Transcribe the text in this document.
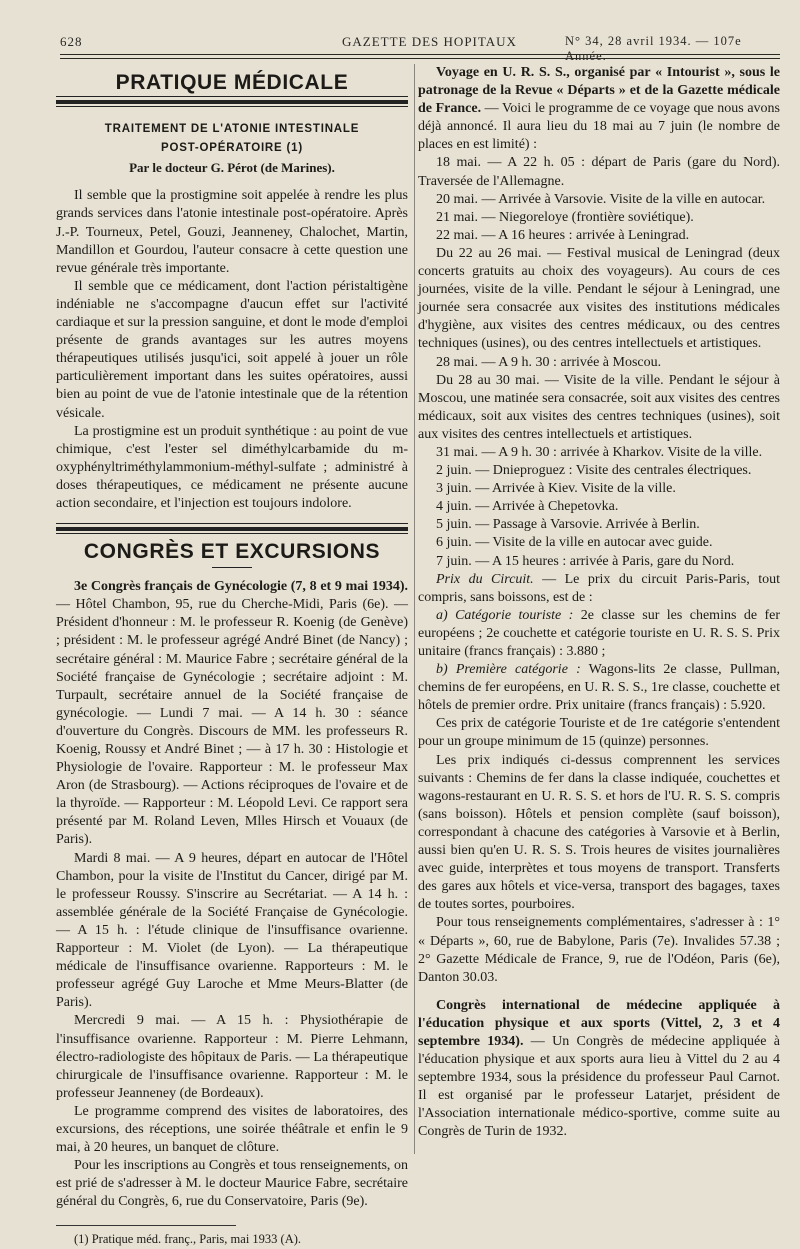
628	GAZETTE DES HOPITAUX	N° 34, 28 avril 1934. — 107e Année.
PRATIQUE MÉDICALE
TRAITEMENT DE L'ATONIE INTESTINALE
POST-OPÉRATOIRE (1)
Par le docteur G. Pérot (de Marines).

Il semble que la prostigmine soit appelée à rendre les plus grands services dans l'atonie intestinale post-opératoire. Après J.-P. Tourneux, Petel, Gouzi, Jeanneney, Chalochet, Martin, Mandillon et Gourdou, l'auteur consacre à cette question une revue générale très importante.

Il semble que ce médicament, dont l'action péristaltigène indéniable ne s'accompagne d'aucun effet sur l'activité cardiaque et sur la pression sanguine, et dont le mode d'emploi présente de grands avantages sur les autres moyens thérapeutiques utilisés jusqu'ici, soit appelé à jouer un rôle particulièrement important dans les suites opératoires, aussi bien au point de vue de l'atonie intestinale que de la rétention vésicale.

La prostigmine est un produit synthétique : au point de vue chimique, c'est l'ester sel diméthylcarbamide du m-oxyphényltriméthylammonium-méthyl-sulfate ; administré à doses thérapeutiques, ce médicament ne présente aucune action secondaire, et l'injection est toujours indolore.

CONGRÈS ET EXCURSIONS

3e Congrès français de Gynécologie (7, 8 et 9 mai 1934). — Hôtel Chambon, 95, rue du Cherche-Midi, Paris (6e). — Président d'honneur : M. le professeur R. Koenig (de Genève) ; président : M. le professeur agrégé André Binet (de Nancy) ; secrétaire général : M. Maurice Fabre ; secrétaire général de la Société française de Gynécologie ; secrétaire adjoint : M. Turpault, secrétaire annuel de la Société française de gynécologie. — Lundi 7 mai. — A 14 h. 30 : séance d'ouverture du Congrès. Discours de MM. les professeurs R. Koenig, Roussy et André Binet ; — à 17 h. 30 : Histologie et Physiologie de l'ovaire. Rapporteur : M. le professeur Max Aron (de Strasbourg). — Actions réciproques de l'ovaire et de la thyroïde. — Rapporteur : M. Léopold Levi. Ce rapport sera présenté par M. Roland Leven, Mlles Hirsch et Vouaux (de Paris).

Mardi 8 mai. — A 9 heures, départ en autocar de l'Hôtel Chambon, pour la visite de l'Institut du Cancer, dirigé par M. le professeur Roussy. S'inscrire au Secrétariat. — A 14 h. : assemblée générale de la Société Française de Gynécologie. — A 15 h. : l'étude clinique de l'insuffisance ovarienne. Rapporteur : M. Violet (de Lyon). — La thérapeutique médicale de l'insuffisance ovarienne. Rapporteurs : M. le professeur agrégé Guy Laroche et Mme Meurs-Blatter (de Paris).

Mercredi 9 mai. — A 15 h. : Physiothérapie de l'insuffisance ovarienne. Rapporteur : M. Pierre Lehmann, électro-radiologiste des hôpitaux de Paris. — La thérapeutique chirurgicale de l'insuffisance ovarienne. Rapporteur : M. le professeur Jeanneney (de Bordeaux).

Le programme comprend des visites de laboratoires, des excursions, des réceptions, une soirée théâtrale et enfin le 9 mai, à 20 heures, un banquet de clôture.

Pour les inscriptions au Congrès et tous renseignements, on est prié de s'adresser à M. le docteur Maurice Fabre, secrétaire général du Congrès, 6, rue du Conservatoire, Paris (9e).

(1) Pratique méd. franç., Paris, mai 1933 (A).

Voyage en U. R. S. S., organisé par « Intourist », sous le patronage de la Revue « Départs » et de la Gazette médicale de France. — Voici le programme de ce voyage que nous avons déjà annoncé. Il aura lieu du 18 mai au 7 juin (le nombre de places en est limité) :

18 mai. — A 22 h. 05 : départ de Paris (gare du Nord). Traversée de l'Allemagne.

20 mai. — Arrivée à Varsovie. Visite de la ville en autocar.

21 mai. — Niegoreloye (frontière soviétique).

22 mai. — A 16 heures : arrivée à Leningrad.

Du 22 au 26 mai. — Festival musical de Leningrad (deux concerts gratuits au choix des voyageurs). Au cours de ces journées, visite de la ville. Pendant le séjour à Leningrad, une journée sera consacrée aux visites des institutions médicales d'hygiène, aux visites des centres médicaux, ou des centres techniques (usines), ou des centres intellectuels et artistiques.

28 mai. — A 9 h. 30 : arrivée à Moscou.

Du 28 au 30 mai. — Visite de la ville. Pendant le séjour à Moscou, une matinée sera consacrée, soit aux visites des centres médicaux, soit aux visites des centres techniques (usines), soit aux visites des centres intellectuels et artistiques.

31 mai. — A 9 h. 30 : arrivée à Kharkov. Visite de la ville.

2 juin. — Dnieproguez : Visite des centrales électriques.

3 juin. — Arrivée à Kiev. Visite de la ville.

4 juin. — Arrivée à Chepetovka.

5 juin. — Passage à Varsovie. Arrivée à Berlin.

6 juin. — Visite de la ville en autocar avec guide.

7 juin. — A 15 heures : arrivée à Paris, gare du Nord.

Prix du Circuit. — Le prix du circuit Paris-Paris, tout compris, sans boissons, est de :

a) Catégorie touriste : 2e classe sur les chemins de fer européens ; 2e couchette et catégorie touriste en U. R. S. S. Prix unitaire (francs français) : 3.880 ;

b) Première catégorie : Wagons-lits 2e classe, Pullman, chemins de fer européens, en U. R. S. S., 1re classe, couchette et hôtels de premier ordre. Prix unitaire (francs français) : 5.920.

Ces prix de catégorie Touriste et de 1re catégorie s'entendent pour un groupe minimum de 15 (quinze) personnes.

Les prix indiqués ci-dessus comprennent les services suivants : Chemins de fer dans la classe indiquée, couchettes et wagons-restaurant en U. R. S. S. et hors de l'U. R. S. S. compris (sans boisson). Hôtels et pension complète (sauf boisson), correspondant à chacune des catégories à Varsovie et à Berlin, aussi bien qu'en U. R. S. S. Trois heures de visites journalières avec guide, interprètes et tous moyens de transport. Transferts des gares aux hôtels et vice-versa, transport des bagages, taxes de toutes sortes, pourboires.

Pour tous renseignements complémentaires, s'adresser à : 1° « Départs », 60, rue de Babylone, Paris (7e). Invalides 57.38 ; 2° Gazette Médicale de France, 9, rue de l'Odéon, Paris (6e), Danton 30.03.

Congrès international de médecine appliquée à l'éducation physique et aux sports (Vittel, 2, 3 et 4 septembre 1934). — Un Congrès de médecine appliquée à l'éducation physique et aux sports aura lieu à Vittel du 2 au 4 septembre 1934, sous la présidence du professeur Paul Carnot. Il est organisé par le professeur Latarjet, président de l'Association internationale médico-sportive, comme suite au Congrès de Turin de 1932.
